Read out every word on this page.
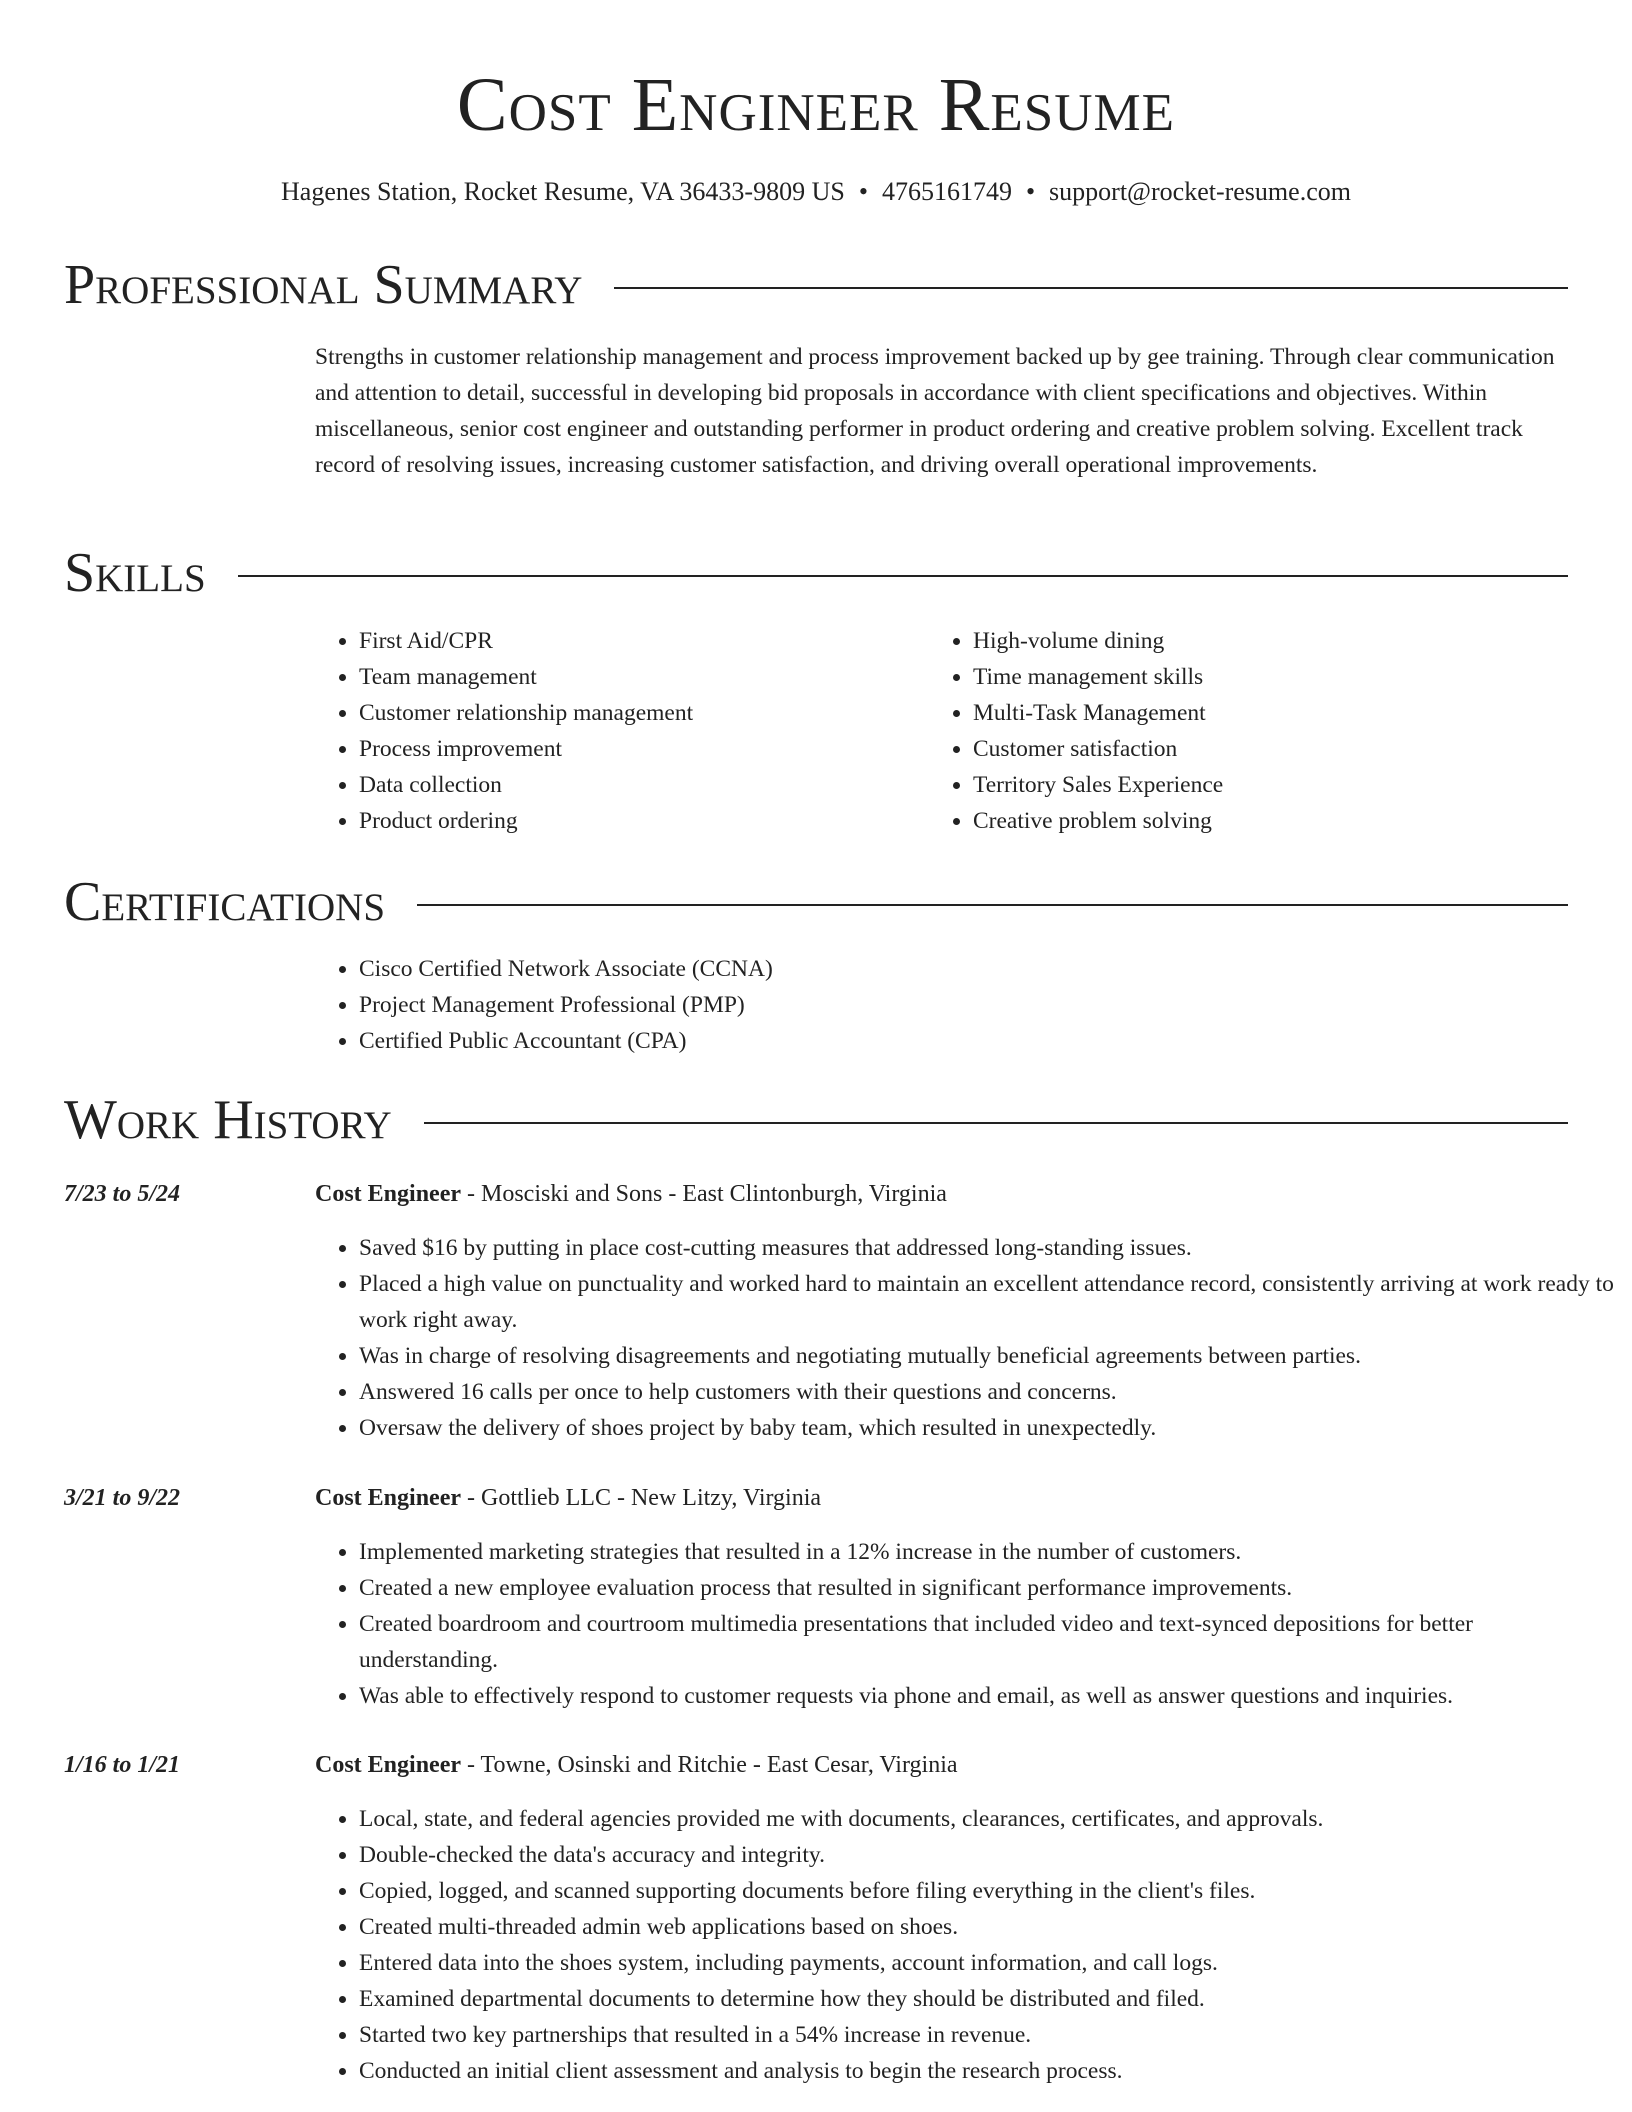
Cost Engineer Resume
Hagenes Station, Rocket Resume, VA 36433-9809 US • 4765161749 • support@rocket-resume.com
Professional Summary

Strengths in customer relationship management and process improvement backed up by gee training. Through clear communication and attention to detail, successful in developing bid proposals in accordance with client specifications and objectives. Within miscellaneous, senior cost engineer and outstanding performer in product ordering and creative problem solving. Excellent track record of resolving issues, increasing customer satisfaction, and driving overall operational improvements.

Skills
• First Aid/CPR
• Team management
• Customer relationship management
• Process improvement
• Data collection
• Product ordering
• High-volume dining
• Time management skills
• Multi-Task Management
• Customer satisfaction
• Territory Sales Experience
• Creative problem solving
Certifications
• Cisco Certified Network Associate (CCNA)
• Project Management Professional (PMP)
• Certified Public Accountant (CPA)
Work History
7/23 to 5/24	Cost Engineer - Mosciski and Sons - East Clintonburgh, Virginia
• Saved $16 by putting in place cost-cutting measures that addressed long-standing issues.
• Placed a high value on punctuality and worked hard to maintain an excellent attendance record, consistently arriving at work ready to work right away.
• Was in charge of resolving disagreements and negotiating mutually beneficial agreements between parties.
• Answered 16 calls per once to help customers with their questions and concerns.
• Oversaw the delivery of shoes project by baby team, which resulted in unexpectedly.
3/21 to 9/22	Cost Engineer - Gottlieb LLC - New Litzy, Virginia
• Implemented marketing strategies that resulted in a 12% increase in the number of customers.
• Created a new employee evaluation process that resulted in significant performance improvements.
• Created boardroom and courtroom multimedia presentations that included video and text-synced depositions for better understanding.
• Was able to effectively respond to customer requests via phone and email, as well as answer questions and inquiries.
1/16 to 1/21	Cost Engineer - Towne, Osinski and Ritchie - East Cesar, Virginia
• Local, state, and federal agencies provided me with documents, clearances, certificates, and approvals.
• Double-checked the data's accuracy and integrity.
• Copied, logged, and scanned supporting documents before filing everything in the client's files.
• Created multi-threaded admin web applications based on shoes.
• Entered data into the shoes system, including payments, account information, and call logs.
• Examined departmental documents to determine how they should be distributed and filed.
• Started two key partnerships that resulted in a 54% increase in revenue.
• Conducted an initial client assessment and analysis to begin the research process.
